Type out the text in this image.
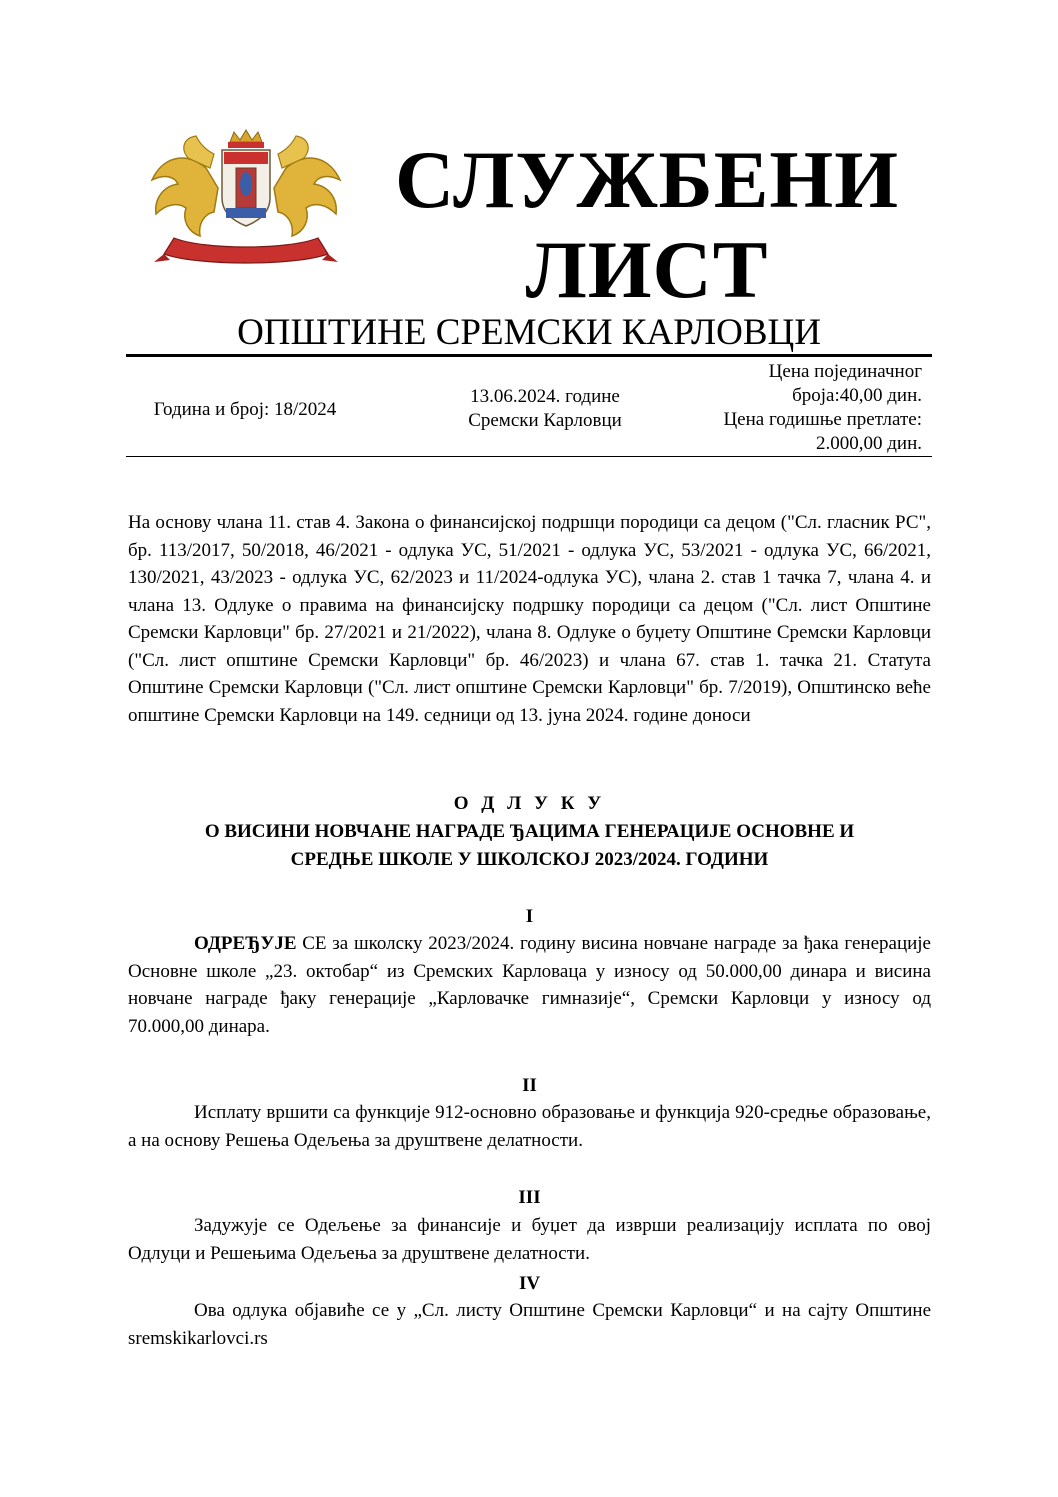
СЛУЖБЕНИ
ЛИСТ
ОПШТИНЕ СРЕМСКИ КАРЛОВЦИ
Година и број: 18/2024
13.06.2024. године
Сремски Карловци
Цена појединачног
броја:40,00 дин.
Цена годишње претлате:
2.000,00 дин.
На основу члана 11. став 4. Закона о финансијској подршци породици са децом ("Сл. гласник РС", бр. 113/2017, 50/2018, 46/2021 - одлука УС, 51/2021 - одлука УС, 53/2021 - одлука УС, 66/2021, 130/2021, 43/2023 - одлука УС, 62/2023 и 11/2024-одлука УС), члана 2. став 1 тачка 7, члана 4. и члана 13. Одлуке о правима на финансијску подршку породици са децом ("Сл. лист Општине Сремски Карловци" бр. 27/2021 и 21/2022), члана 8. Одлуке о буџету Општине Сремски Карловци ("Сл. лист општине Сремски Карловци" бр. 46/2023) и члана 67. став 1. тачка 21. Статута Општине Сремски Карловци ("Сл. лист општине Сремски Карловци" бр. 7/2019), Општинско веће општине Сремски Карловци на 149. седници од 13. јуна 2024. године доноси
О Д Л У К У
О ВИСИНИ НОВЧАНЕ НАГРАДЕ ЂАЦИМА ГЕНЕРАЦИЈЕ ОСНОВНЕ И
СРЕДЊЕ ШКОЛЕ У ШКОЛСКОЈ 2023/2024. ГОДИНИ
I
ОДРЕЂУЈЕ СЕ за школску 2023/2024. годину висина новчане награде за ђака генерације Основне школе „23. октобар“ из Сремских Карловаца у износу од 50.000,00 динара и висина новчане награде ђаку генерације „Карловачке гимназије“, Сремски Карловци у износу од 70.000,00 динара.
II
Исплату вршити са функције 912-основно образовање и функција 920-средње образовање, а на основу Решења Одељења за друштвене делатности.
III
Задужује се Одељење за финансије и буџет да изврши реализацију исплата по овој Одлуци и Решењима Одељења за друштвене делатности.
IV
Ова одлука објавиће се у „Сл. листу Општине Сремски Карловци“ и на сајту Општине sremskikarlovci.rs
